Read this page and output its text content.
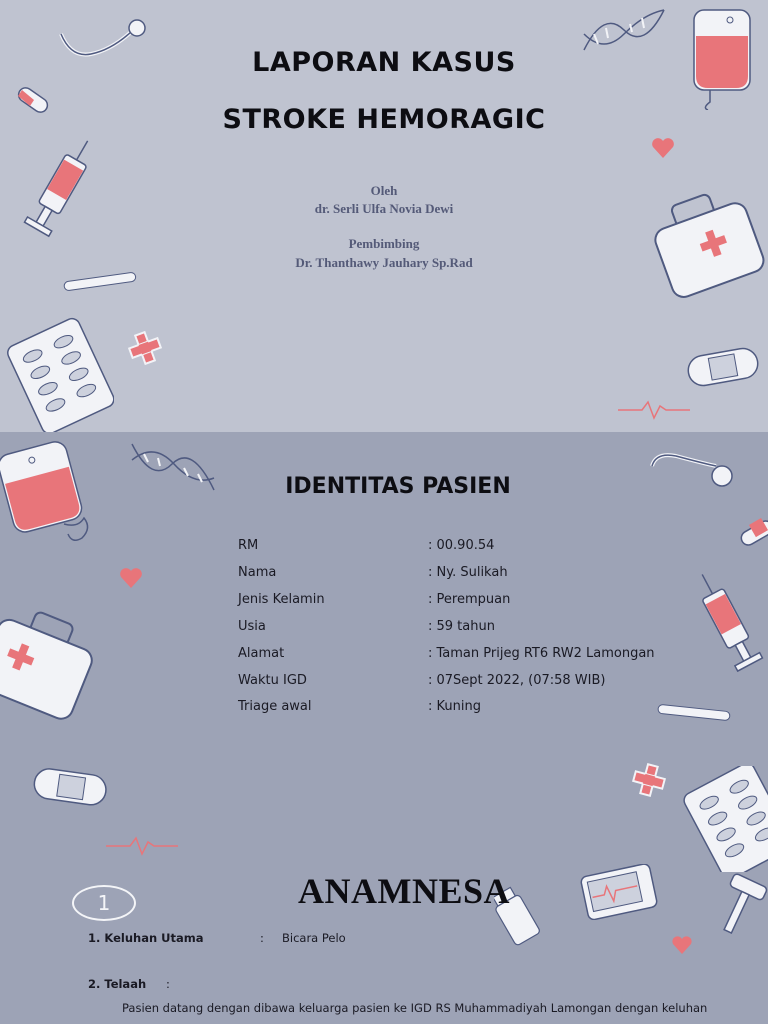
LAPORAN KASUS
STROKE HEMORAGIC
Oleh
dr. Serli Ulfa Novia Dewi
Pembimbing
Dr. Thanthawy Jauhary Sp.Rad
IDENTITAS PASIEN
RM	: 00.90.54
Nama	: Ny. Sulikah
Jenis Kelamin	: Perempuan
Usia	: 59 tahun
Alamat	: Taman Prijeg RT6 RW2 Lamongan
Waktu IGD	: 07Sept 2022, (07:58 WIB)
Triage awal	: Kuning
1	ANAMNESA
1. Keluhan Utama	: Bicara Pelo
2. Telaah :
Pasien datang dengan dibawa keluarga pasien ke IGD RS Muhammadiyah Lamongan dengan keluhan
